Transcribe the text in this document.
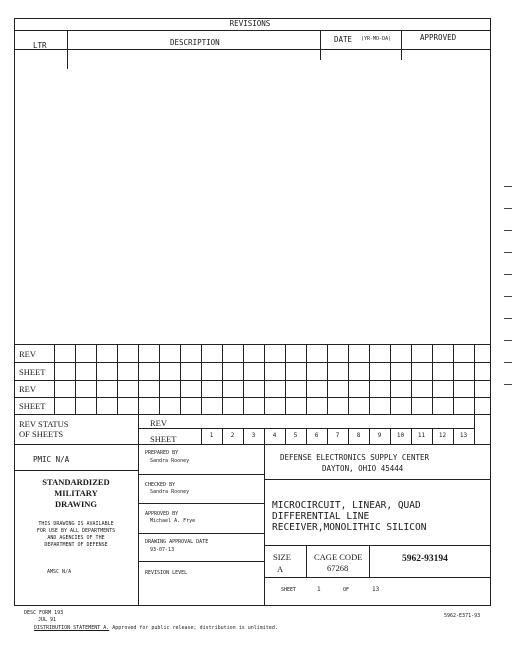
REVISIONS
LTR	DESCRIPTION	DATE (YR-MO-DA)	APPROVED
REV
SHEET
REV
SHEET
REV STATUS
OF SHEETS
REV
SHEET	1	2	3	4	5	6	7	8	9	10	11	12	13
PMIC N/A
STANDARDIZED
MILITARY
DRAWING
THIS DRAWING IS AVAILABLE
FOR USE BY ALL DEPARTMENTS
AND AGENCIES OF THE
DEPARTMENT OF DEFENSE
AMSC N/A
PREPARED BY
Sandra Rooney
CHECKED BY
Sandra Rooney
APPROVED BY
Michael A. Frye
DRAWING APPROVAL DATE
93-07-13
REVISION LEVEL
DEFENSE ELECTRONICS SUPPLY CENTER
DAYTON, OHIO 45444
MICROCIRCUIT, LINEAR, QUAD
DIFFERENTIAL LINE
RECEIVER,MONOLITHIC SILICON
SIZE
A
CAGE CODE
67268
5962-93194
SHEET	1	OF	13
DESC FORM 193
JUL 91
DISTRIBUTION STATEMENT A. Approved for public release; distribution is unlimited.
5962-E371-93
